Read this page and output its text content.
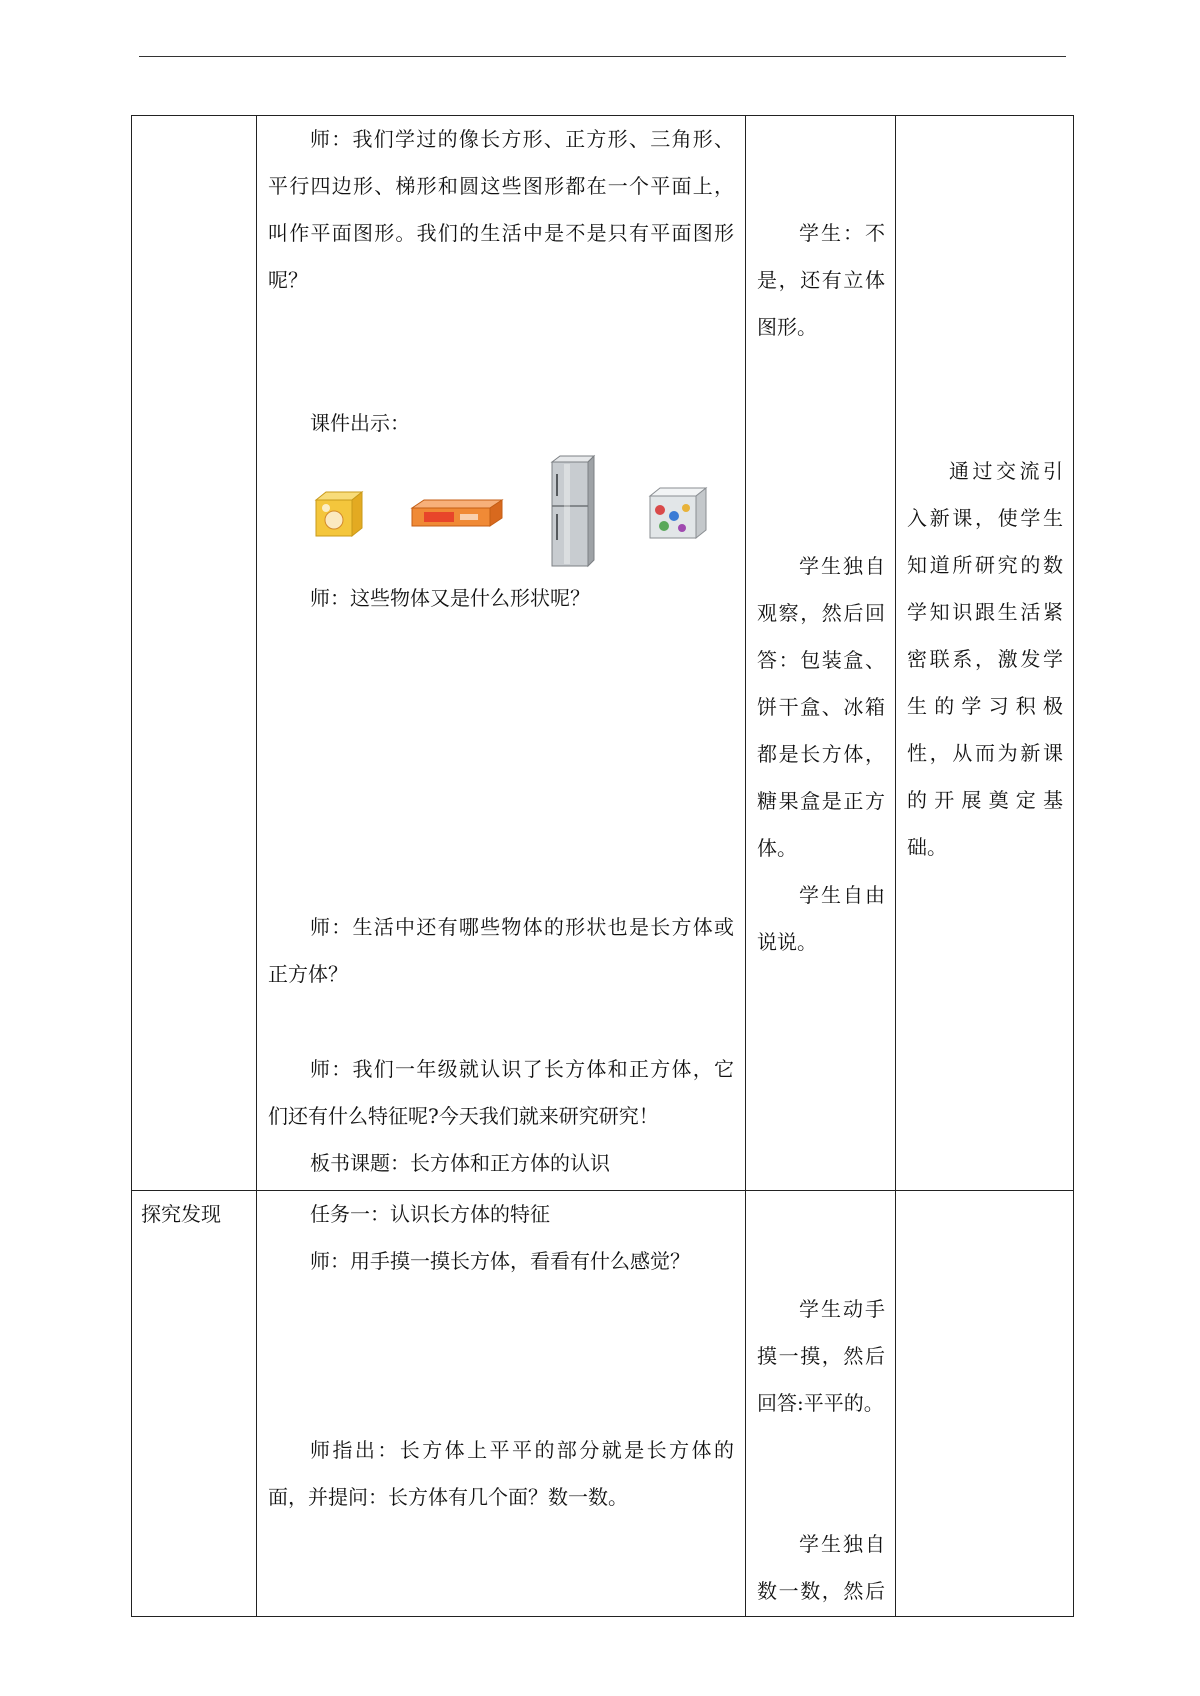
师：我们学过的像长方形、正方形、三角形、
平行四边形、梯形和圆这些图形都在一个平面上，
叫作平面图形。我们的生活中是不是只有平面图形
呢？
课件出示：
师：这些物体又是什么形状呢？
师：生活中还有哪些物体的形状也是长方体或
正方体？
师：我们一年级就认识了长方体和正方体，它
们还有什么特征呢?今天我们就来研究研究！
板书课题：长方体和正方体的认识
学生：不
是，还有立体
图形。
学生独自
观察，然后回
答：包装盒、
饼干盒、冰箱
都是长方体，
糖果盒是正方
体。
学生自由
说说。
通过交流引
入新课，使学生
知道所研究的数
学知识跟生活紧
密联系，激发学
生的学习积极
性，从而为新课
的开展奠定基
础。
探究发现	任务一：认识长方体的特征
师：用手摸一摸长方体，看看有什么感觉？
师指出：长方体上平平的部分就是长方体的
面，并提问：长方体有几个面？数一数。
学生动手
摸一摸，然后
回答:平平的。
学生独自
数一数，然后
